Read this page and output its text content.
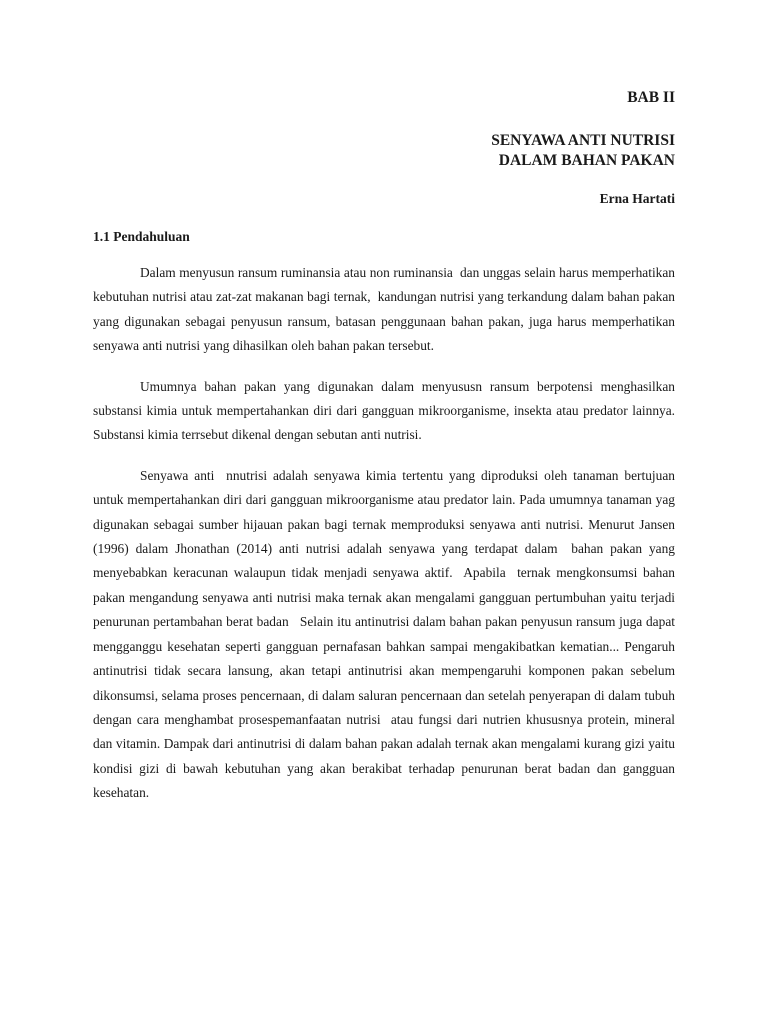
BAB II
SENYAWA ANTI NUTRISI
DALAM BAHAN PAKAN

Erna Hartati

1.1 Pendahuluan

Dalam menyusun ransum ruminansia atau non ruminansia  dan unggas selain harus memperhatikan kebutuhan nutrisi atau zat-zat makanan bagi ternak,  kandungan nutrisi yang terkandung dalam bahan pakan yang digunakan sebagai penyusun ransum, batasan penggunaan bahan pakan, juga harus memperhatikan senyawa anti nutrisi yang dihasilkan oleh bahan pakan tersebut.

Umumnya bahan pakan yang digunakan dalam menyususn ransum berpotensi menghasilkan substansi kimia untuk mempertahankan diri dari gangguan mikroorganisme, insekta atau predator lainnya.  Substansi kimia terrsebut dikenal dengan sebutan anti nutrisi.

Senyawa anti  nnutrisi adalah senyawa kimia tertentu yang diproduksi oleh tanaman bertujuan untuk mempertahankan diri dari gangguan mikroorganisme atau predator lain. Pada umumnya tanaman yag digunakan sebagai sumber hijauan pakan bagi ternak memproduksi senyawa anti nutrisi. Menurut Jansen (1996) dalam Jhonathan (2014) anti nutrisi adalah senyawa yang terdapat dalam  bahan pakan yang  menyebabkan keracunan walaupun tidak menjadi senyawa aktif.  Apabila  ternak mengkonsumsi bahan pakan mengandung senyawa anti nutrisi maka ternak akan mengalami gangguan pertumbuhan yaitu terjadi penurunan pertambahan berat badan   Selain itu antinutrisi dalam bahan pakan penyusun ransum juga dapat mengganggu kesehatan seperti gangguan pernafasan bahkan sampai mengakibatkan kematian... Pengaruh antinutrisi tidak secara lansung, akan tetapi antinutrisi akan mempengaruhi komponen pakan sebelum dikonsumsi, selama proses pencernaan, di dalam saluran pencernaan dan setelah penyerapan di dalam tubuh dengan cara menghambat prosespemanfaatan nutrisi  atau fungsi dari nutrien khususnya protein, mineral dan vitamin. Dampak dari antinutrisi di dalam bahan pakan adalah ternak akan mengalami kurang gizi yaitu kondisi gizi di bawah kebutuhan yang akan berakibat terhadap penurunan berat badan dan gangguan kesehatan.
